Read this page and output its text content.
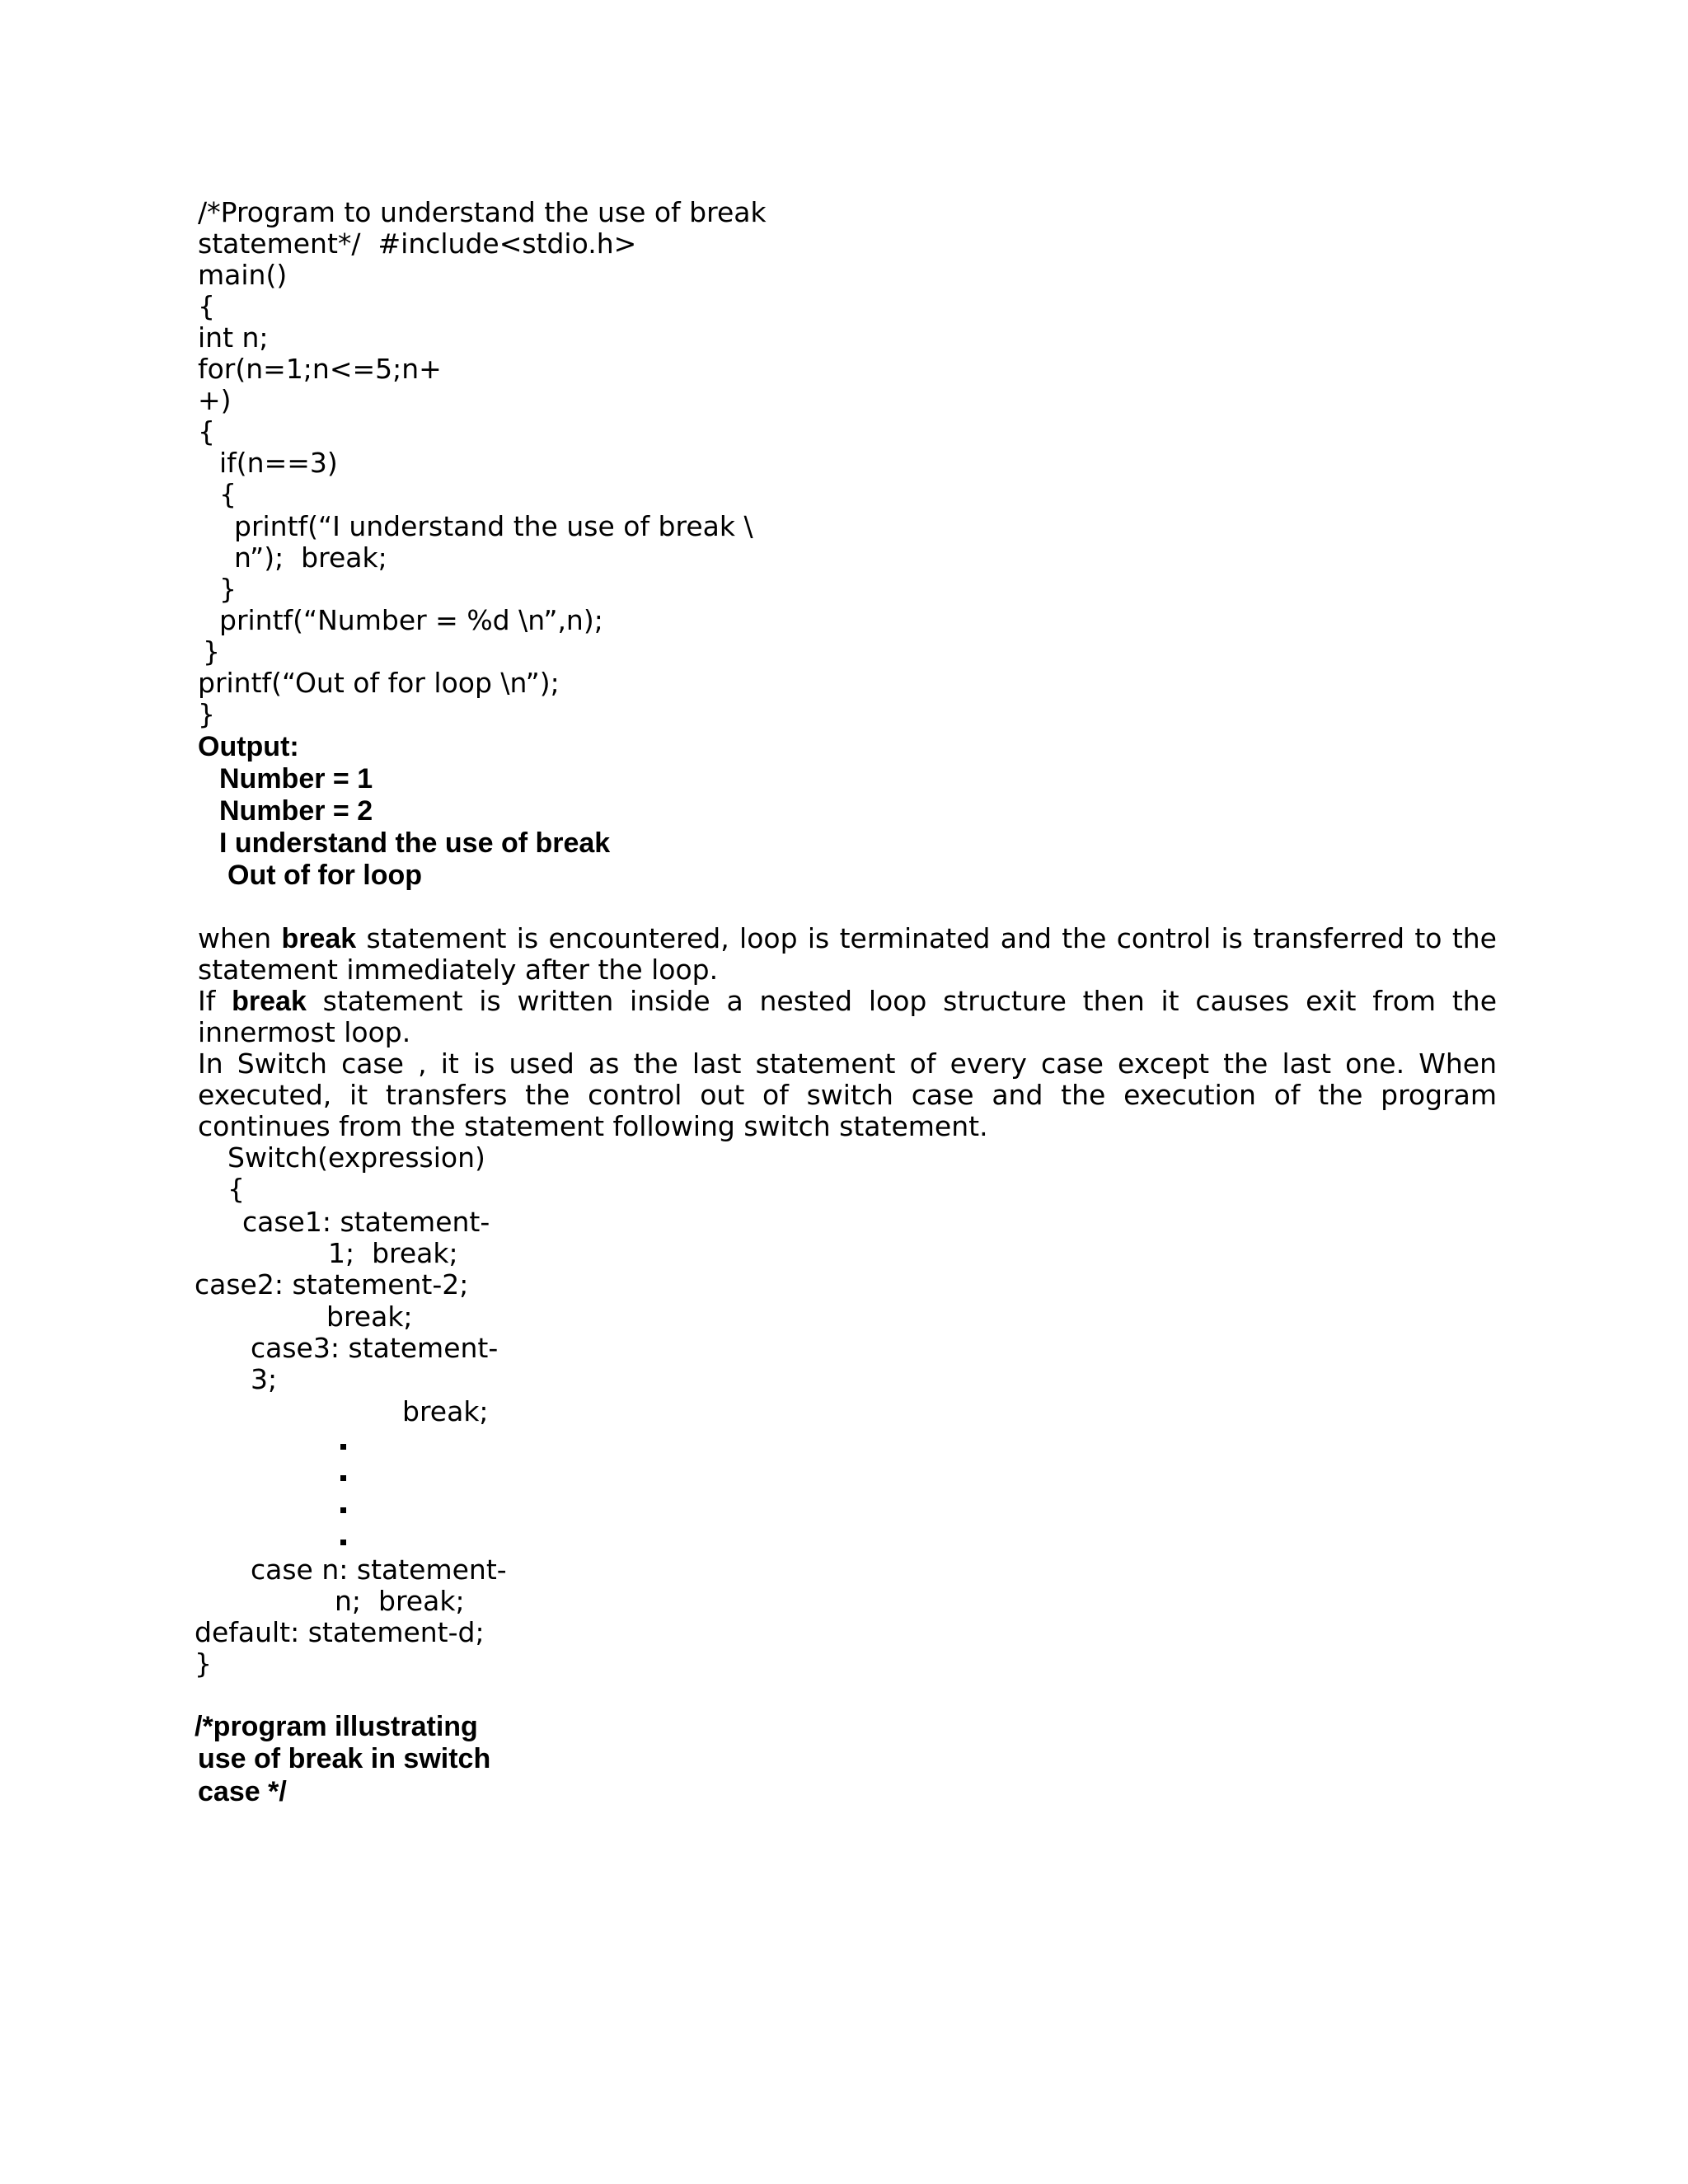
/*Program to understand the use of break
statement*/  #include<stdio.h>
main()
{
int n;
for(n=1;n<=5;n+
+)
{
if(n==3)
{
printf(“I understand the use of break \
n”);  break;
}
printf(“Number = %d \n”,n);
}
printf(“Out of for loop \n”);
}
Output:
Number = 1
Number = 2
I understand the use of break
Out of for loop
when break statement is encountered, loop is terminated and the control is transferred to the statement immediately after the loop.
If break statement is written inside a nested loop structure then it causes exit from the innermost loop.
In Switch case , it is used as the last statement of every case except the last one. When executed, it transfers the control out of switch case and the execution of the program continues from the statement following switch statement.
Switch(expression)
{
case1: statement-
1;  break;
case2: statement-2;
break;
case3: statement-
3;
break;
case n: statement-
n;  break;
default: statement-d;
}
/*program illustrating
use of break in switch
case */
